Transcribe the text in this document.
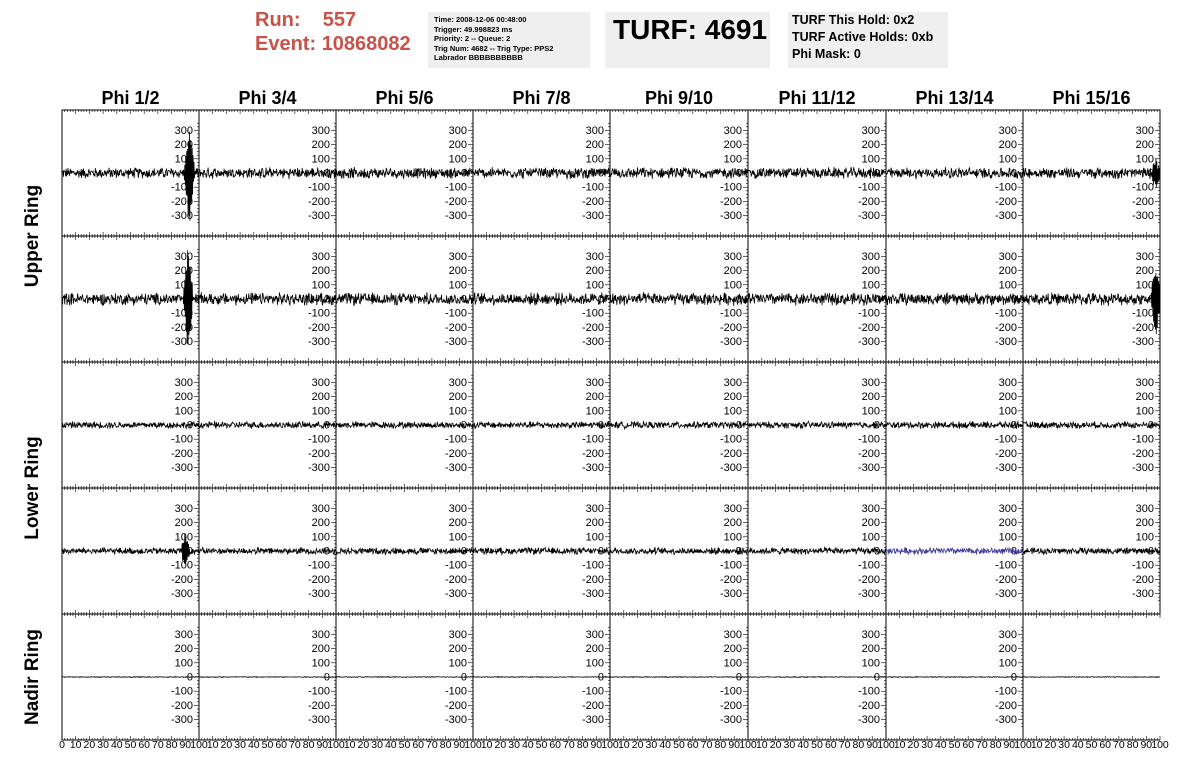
Run: 557
Event: 10868082
Time: 2008-12-06 00:48:00
Trigger: 49.998823 ms
Priority: 2 -- Queue: 2
Trig Num: 4682 -- Trig Type: PPS2
Labrador BBBBBBBBBB
TURF: 4691 TURF This Hold: 0x2
TURF Active Holds: 0xb
Phi Mask: 0
Phi 1/2	Phi 3/4	Phi 5/6	Phi 7/8	Phi 9/10	Phi 11/12	Phi 13/14	Phi 15/16
Upper Ring
Lower Ring
Nadir Ring
300
200
100
0
-100
-200
-300
300
200
100
0
-100
-200
-300
300
200
100
0
-100
-200
-300
300
200
100
0
-100
-200
-300
300
200
100
0
-100
-200
-300
300
200
100
0
-100
-200
-300
300
200
100
0
-100
-200
-300
300
200
100
0
-100
-200
-300
300
200
100
0
-100
-200
-300
300
200
100
0
-100
-200
-300
300
200
100
0
-100
-200
-300
300
200
100
0
-100
-200
-300
300
200
100
0
-100
-200
-300
300
200
100
0
-100
-200
-300
300
200
100
0
-100
-200
-300
300
200
100
0
-100
-200
-300
300
200
100
0
-100
-200
-300
300
200
100
0
-100
-200
-300
300
200
100
0
-100
-200
-300
300
200
100
0
-100
-200
-300
300
200
100
0
-100
-200
-300
300
200
100
0
-100
-200
-300
300
200
100
0
-100
-200
-300
300
200
100
0
-100
-200
-300
300
200
100
0
-100
-200
-300
300
200
100
0
-100
-200
-300
300
200
100
0
-100
-200
-300
300
200
100
0
-100
-200
-300
300
200
100
0
-100
-200
-300
300
200
100
0
-100
-200
-300
300
200
100
0
-100
-200
-300
300
200
100
0
-100
-200
-300
300
200
100
0
-100
-200
-300
300
200
100
0
-100
-200
-300
300
200
100
0
-100
-200
-300
300
200
100
0
-100
-200
-300
300
200
100
0
-100
-200
-300
300
200
100
0
-100
-200
-300
300
200
100
0
-100
-200
-300
0 10 20 30 40 50 60 70 80 90 100 10 20 30 40 50 60 70 80 90 100 10 20 30 40 50 60 70 80 90 100 10 20 30 40 50 60 70 80 90 100 10 20 30 40 50 60 70 80 90 100 10 20 30 40 50 60 70 80 90 100 10 20 30 40 50 60 70 80 90 100 10 20 30 40 50 60 70 80 90 100
